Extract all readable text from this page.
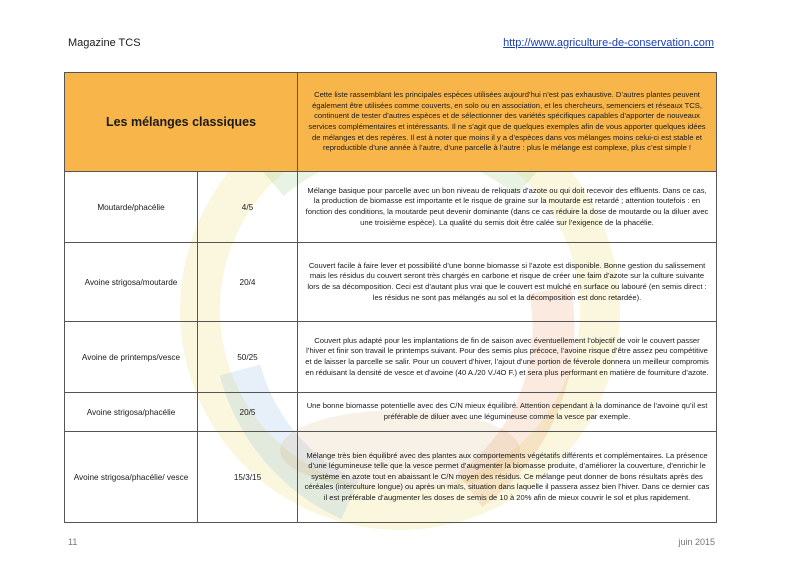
Magazine TCS	http://www.agriculture-de-conservation.com
Les mélanges classiques		Cette liste rassemblant les principales espèces utilisées aujourd’hui n’est pas exhaustive. D’autres plantes peuvent également être utilisées comme couverts, en solo ou en association, et les chercheurs, semenciers et réseaux TCS, continuent de tester d’autres espèces et de sélectionner des variétés spécifiques capables d’apporter de nouveaux services complémentaires et intéressants. Il ne s’agit que de quelques exemples afin de vous apporter quelques idées de mélanges et des repères. Il est à noter que moins il y a d’espèces dans vos mélanges moins celui-ci est stable et reproductible d’une année à l’autre, d’une parcelle à l’autre : plus le mélange est complexe, plus c’est simple !
Moutarde/phacélie	4/5	Mélange basique pour parcelle avec un bon niveau de reliquats d’azote ou qui doit recevoir des effluents. Dans ce cas, la production de biomasse est importante et le risque de graine sur la moutarde est retardé ; attention toutefois : en fonction des conditions, la moutarde peut devenir dominante (dans ce cas réduire la dose de moutarde ou la diluer avec une troisième espèce). La qualité du semis doit être calée sur l’exigence de la phacélie.
Avoine strigosa/moutarde	20/4	Couvert facile à faire lever et possibilité d’une bonne biomasse si l’azote est disponible. Bonne gestion du salissement mais les résidus du couvert seront très chargés en carbone et risque de créer une faim d’azote sur la culture suivante lors de sa décomposition. Ceci est d’autant plus vrai que le couvert est mulché en surface ou labouré (en semis direct : les résidus ne sont pas mélangés au sol et la décomposition est donc retardée).
Avoine de printemps/vesce	50/25	Couvert plus adapté pour les implantations de fin de saison avec éventuellement l’objectif de voir le couvert passer l’hiver et finir son travail le printemps suivant. Pour des semis plus précoce, l’avoine risque d’être assez peu compétitive et de laisser la parcelle se salir. Pour un couvert d’hiver, l’ajout d’une portion de féverole donnera un meilleur compromis en réduisant la densité de vesce et d’avoine (40 A./20 V./4O F.) et sera plus performant en matière de fourniture d’azote.
Avoine strigosa/phacélie	20/5	Une bonne biomasse potentielle avec des C/N mieux équilibré. Attention cependant à la dominance de l’avoine qu’il est préférable de diluer avec une légumineuse comme la vesce par exemple.
Avoine strigosa/phacélie/ vesce	15/3/15	Mélange très bien équilibré avec des plantes aux comportements végétatifs différents et complémentaires. La présence d’une légumineuse telle que la vesce permet d’augmenter la biomasse produite, d’améliorer la couverture, d’enrichir le système en azote tout en abaissant le C/N moyen des résidus. Ce mélange peut donner de bons résultats après des céréales (interculture longue) ou après un maïs, situation dans laquelle il passera assez bien l’hiver. Dans ce dernier cas il est préférable d’augmenter les doses de semis de 10 à 20% afin de mieux couvrir le sol et plus rapidement.
11	juin 2015
